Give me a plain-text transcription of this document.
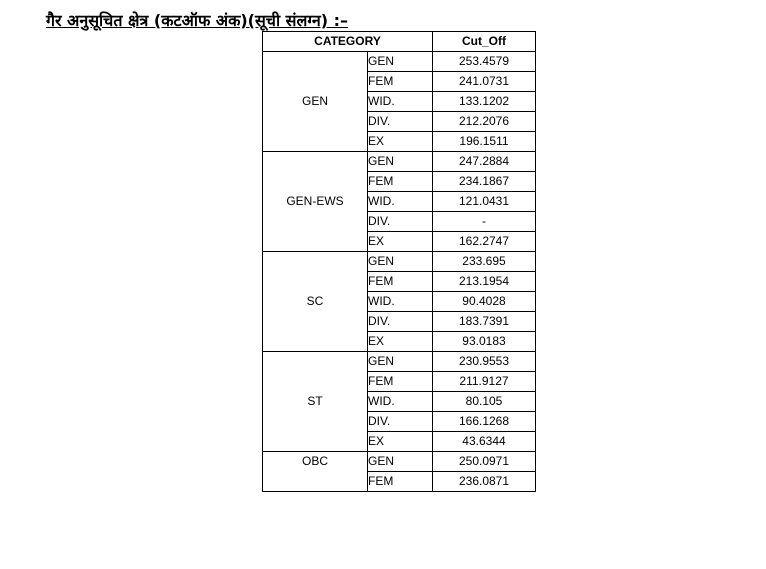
गैर अनुसूचित क्षेत्र (कटऑफ अंक)(सूची संलग्न) :–
CATEGORY		Cut_Off
GEN	GEN	253.4579
	FEM	241.0731
	WID.	133.1202
	DIV.	212.2076
	EX	196.1511
GEN-EWS	GEN	247.2884
	FEM	234.1867
	WID.	121.0431
	DIV.	-
	EX	162.2747
SC	GEN	233.695
	FEM	213.1954
	WID.	90.4028
	DIV.	183.7391
	EX	93.0183
ST	GEN	230.9553
	FEM	211.9127
	WID.	80.105
	DIV.	166.1268
	EX	43.6344
OBC	GEN	250.0971
	FEM	236.0871
